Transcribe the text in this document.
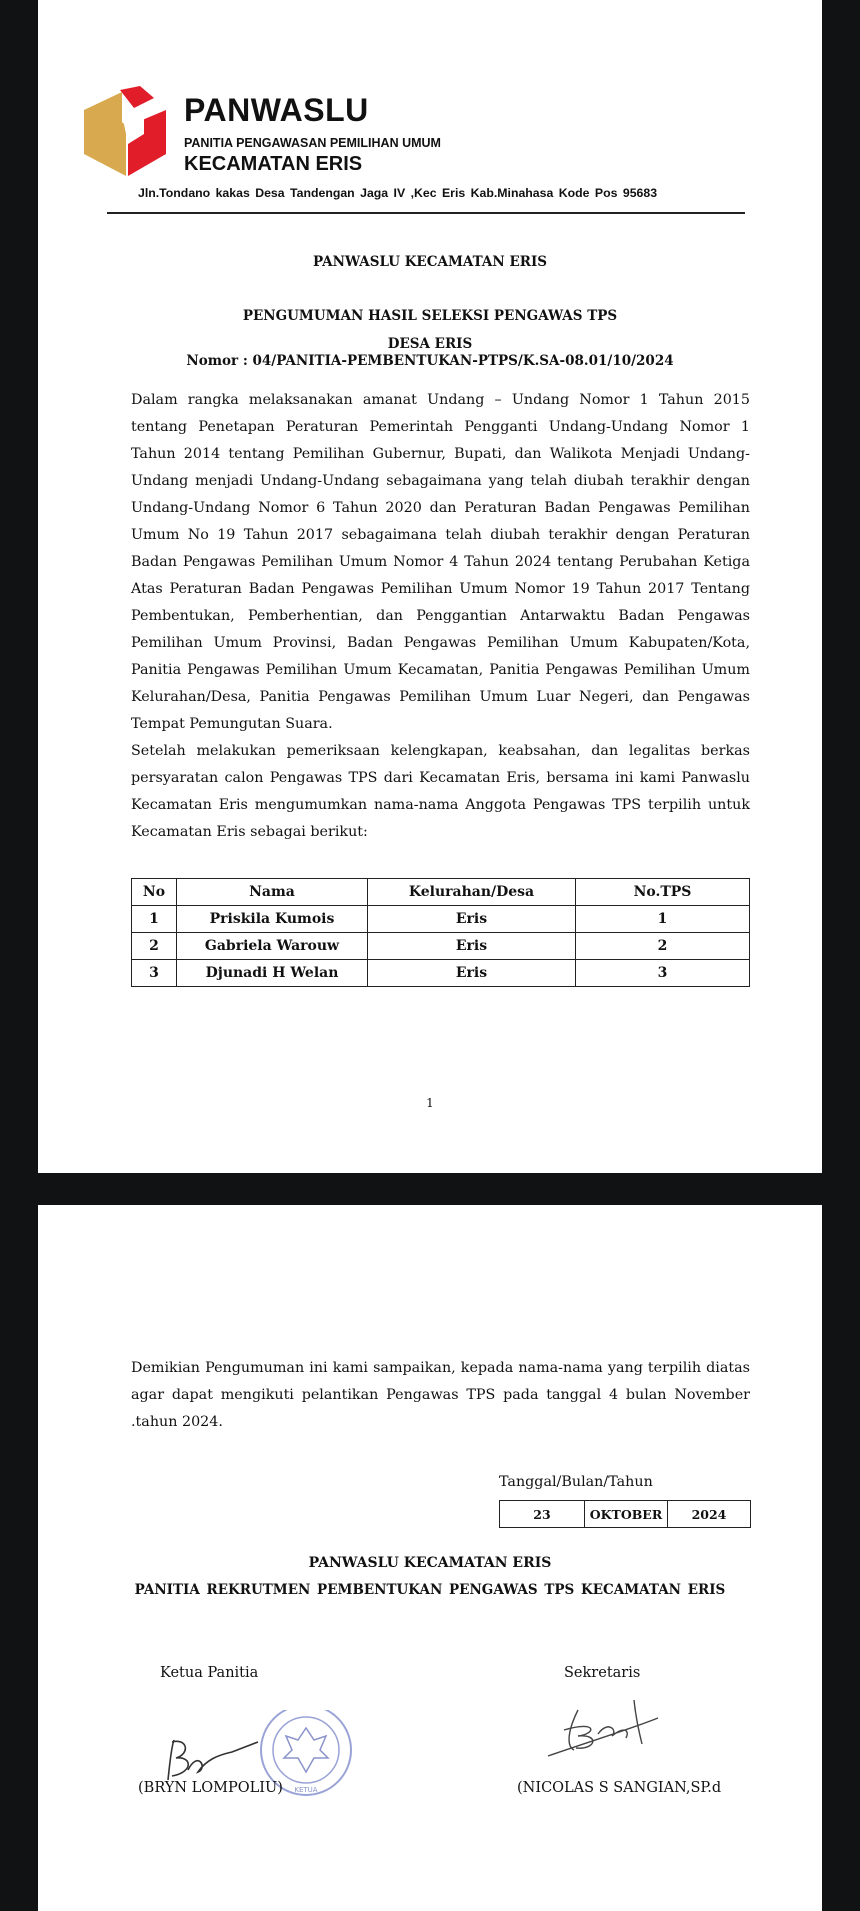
PANWASLU
PANITIA PENGAWASAN PEMILIHAN UMUM
KECAMATAN ERIS
Jln.Tondano kakas Desa Tandengan Jaga IV ,Kec Eris Kab.Minahasa Kode Pos 95683
PANWASLU KECAMATAN ERIS
PENGUMUMAN HASIL SELEKSI PENGAWAS TPS
DESA ERIS
Nomor : 04/PANITIA-PEMBENTUKAN-PTPS/K.SA-08.01/10/2024

Dalam rangka melaksanakan amanat Undang – Undang Nomor 1 Tahun 2015 tentang Penetapan Peraturan Pemerintah Pengganti Undang-Undang Nomor 1 Tahun 2014 tentang Pemilihan Gubernur, Bupati, dan Walikota Menjadi Undang-Undang menjadi Undang-Undang sebagaimana yang telah diubah terakhir dengan Undang-Undang Nomor 6 Tahun 2020 dan Peraturan Badan Pengawas Pemilihan Umum No 19 Tahun 2017 sebagaimana telah diubah terakhir dengan Peraturan Badan Pengawas Pemilihan Umum Nomor 4 Tahun 2024 tentang Perubahan Ketiga Atas Peraturan Badan Pengawas Pemilihan Umum Nomor 19 Tahun 2017 Tentang Pembentukan, Pemberhentian, dan Penggantian Antarwaktu Badan Pengawas Pemilihan Umum Provinsi, Badan Pengawas Pemilihan Umum Kabupaten/Kota, Panitia Pengawas Pemilihan Umum Kecamatan, Panitia Pengawas Pemilihan Umum Kelurahan/Desa, Panitia Pengawas Pemilihan Umum Luar Negeri, dan Pengawas Tempat Pemungutan Suara.

Setelah melakukan pemeriksaan kelengkapan, keabsahan, dan legalitas berkas persyaratan calon Pengawas TPS dari Kecamatan Eris, bersama ini kami Panwaslu Kecamatan Eris mengumumkan nama-nama Anggota Pengawas TPS terpilih untuk Kecamatan Eris sebagai berikut:

No	Nama	Kelurahan/Desa	No.TPS
1	Priskila Kumois	Eris	1
2	Gabriela Warouw	Eris	2
3	Djunadi H Welan	Eris	3
1

Demikian Pengumuman ini kami sampaikan, kepada nama-nama yang terpilih diatas agar dapat mengikuti pelantikan Pengawas TPS pada tanggal 4 bulan November .tahun 2024.

Tanggal/Bulan/Tahun
23	OKTOBER	2024
PANWASLU KECAMATAN ERIS
PANITIA REKRUTMEN PEMBENTUKAN PENGAWAS TPS KECAMATAN ERIS
Ketua Panitia	Sekretaris
KETUA
(BRYN LOMPOLIU)	(NICOLAS S SANGIAN,SP.d
